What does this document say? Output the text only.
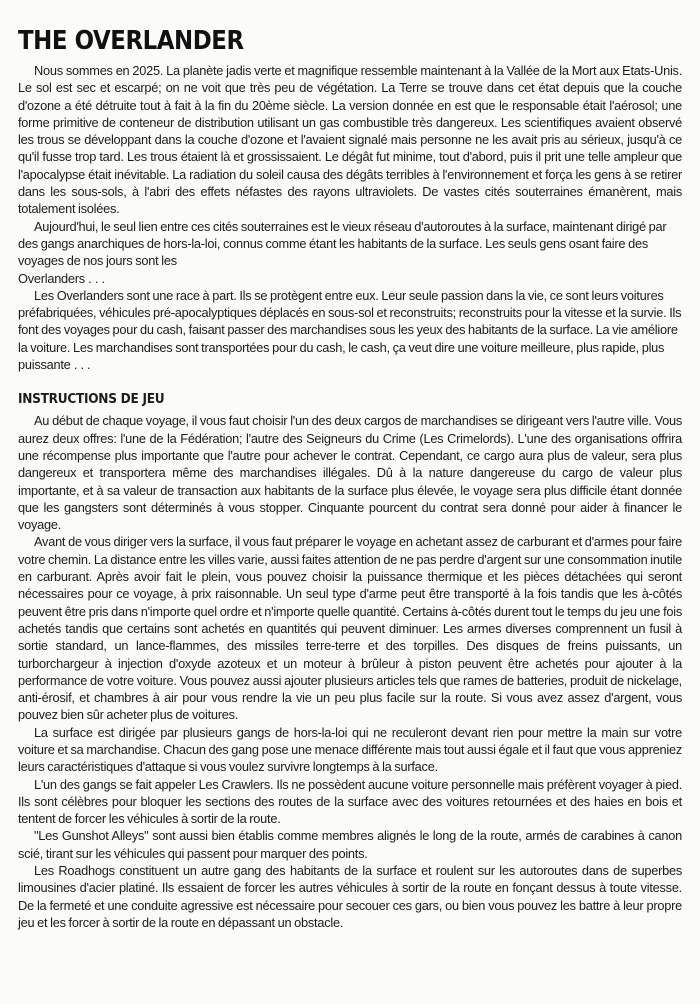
THE OVERLANDER

Nous sommes en 2025. La planète jadis verte et magnifique ressemble maintenant à la Vallée de la Mort aux Etats-Unis. Le sol est sec et escarpé; on ne voit que très peu de végétation. La Terre se trouve dans cet état depuis que la couche d'ozone a été détruite tout à fait à la fin du 20ème siècle. La version donnée en est que le responsable était l'aérosol; une forme primitive de conteneur de distribution utilisant un gas combustible très dangereux. Les scientifiques avaient observé les trous se développant dans la couche d'ozone et l'avaient signalé mais personne ne les avait pris au sérieux, jusqu'à ce qu'il fusse trop tard. Les trous étaient là et grossissaient. Le dégât fut minime, tout d'abord, puis il prit une telle ampleur que l'apocalypse était inévitable. La radiation du soleil causa des dégâts terribles à l'environnement et força les gens à se retirer dans les sous-sols, à l'abri des effets néfastes des rayons ultraviolets. De vastes cités souterraines émanèrent, mais totalement isolées.

Aujourd'hui, le seul lien entre ces cités souterraines est le vieux réseau d'autoroutes à la surface, maintenant dirigé par des gangs anarchiques de hors-la-loi, connus comme étant les habitants de la surface. Les seuls gens osant faire des voyages de nos jours sont les

Overlanders . . .

Les Overlanders sont une race à part. Ils se protègent entre eux. Leur seule passion dans la vie, ce sont leurs voitures préfabriquées, véhicules pré-apocalyptiques déplacés en sous-sol et reconstruits; reconstruits pour la vitesse et la survie. Ils font des voyages pour du cash, faisant passer des marchandises sous les yeux des habitants de la surface. La vie améliore la voiture. Les marchandises sont transportées pour du cash, le cash, ça veut dire une voiture meilleure, plus rapide, plus

puissante . . .

INSTRUCTIONS DE JEU

Au début de chaque voyage, il vous faut choisir l'un des deux cargos de marchandises se dirigeant vers l'autre ville. Vous aurez deux offres: l'une de la Fédération; l'autre des Seigneurs du Crime (Les Crimelords). L'une des organisations offrira une récompense plus importante que l'autre pour achever le contrat. Cependant, ce cargo aura plus de valeur, sera plus dangereux et transportera même des marchandises illégales. Dû à la nature dangereuse du cargo de valeur plus importante, et à sa valeur de transaction aux habitants de la surface plus élevée, le voyage sera plus difficile étant donnée que les gangsters sont déterminés à vous stopper. Cinquante pourcent du contrat sera donné pour aider à financer le voyage.

Avant de vous diriger vers la surface, il vous faut préparer le voyage en achetant assez de carburant et d'armes pour faire votre chemin. La distance entre les villes varie, aussi faites attention de ne pas perdre d'argent sur une consommation inutile en carburant. Après avoir fait le plein, vous pouvez choisir la puissance thermique et les pièces détachées qui seront nécessaires pour ce voyage, à prix raisonnable. Un seul type d'arme peut être transporté à la fois tandis que les à-côtés peuvent être pris dans n'importe quel ordre et n'importe quelle quantité. Certains à-côtés durent tout le temps du jeu une fois achetés tandis que certains sont achetés en quantités qui peuvent diminuer. Les armes diverses comprennent un fusil à sortie standard, un lance-flammes, des missiles terre-terre et des torpilles. Des disques de freins puissants, un turborchargeur à injection d'oxyde azoteux et un moteur à brûleur à piston peuvent être achetés pour ajouter à la performance de votre voiture. Vous pouvez aussi ajouter plusieurs articles tels que rames de batteries, produit de nickelage, anti-érosif, et chambres à air pour vous rendre la vie un peu plus facile sur la route. Si vous avez assez d'argent, vous pouvez bien sûr acheter plus de voitures.

La surface est dirigée par plusieurs gangs de hors-la-loi qui ne reculeront devant rien pour mettre la main sur votre voiture et sa marchandise. Chacun des gang pose une menace différente mais tout aussi égale et il faut que vous appreniez leurs caractéristiques d'attaque si vous voulez survivre longtemps à la surface.

L'un des gangs se fait appeler Les Crawlers. Ils ne possèdent aucune voiture personnelle mais préfèrent voyager à pied. Ils sont célèbres pour bloquer les sections des routes de la surface avec des voitures retournées et des haies en bois et tentent de forcer les véhicules à sortir de la route.

"Les Gunshot Alleys" sont aussi bien établis comme membres alignés le long de la route, armés de carabines à canon scié, tirant sur les véhicules qui passent pour marquer des points.

Les Roadhogs constituent un autre gang des habitants de la surface et roulent sur les autoroutes dans de superbes limousines d'acier platiné. Ils essaient de forcer les autres véhicules à sortir de la route en fonçant dessus à toute vitesse. De la fermeté et une conduite agressive est nécessaire pour secouer ces gars, ou bien vous pouvez les battre à leur propre jeu et les forcer à sortir de la route en dépassant un obstacle.
